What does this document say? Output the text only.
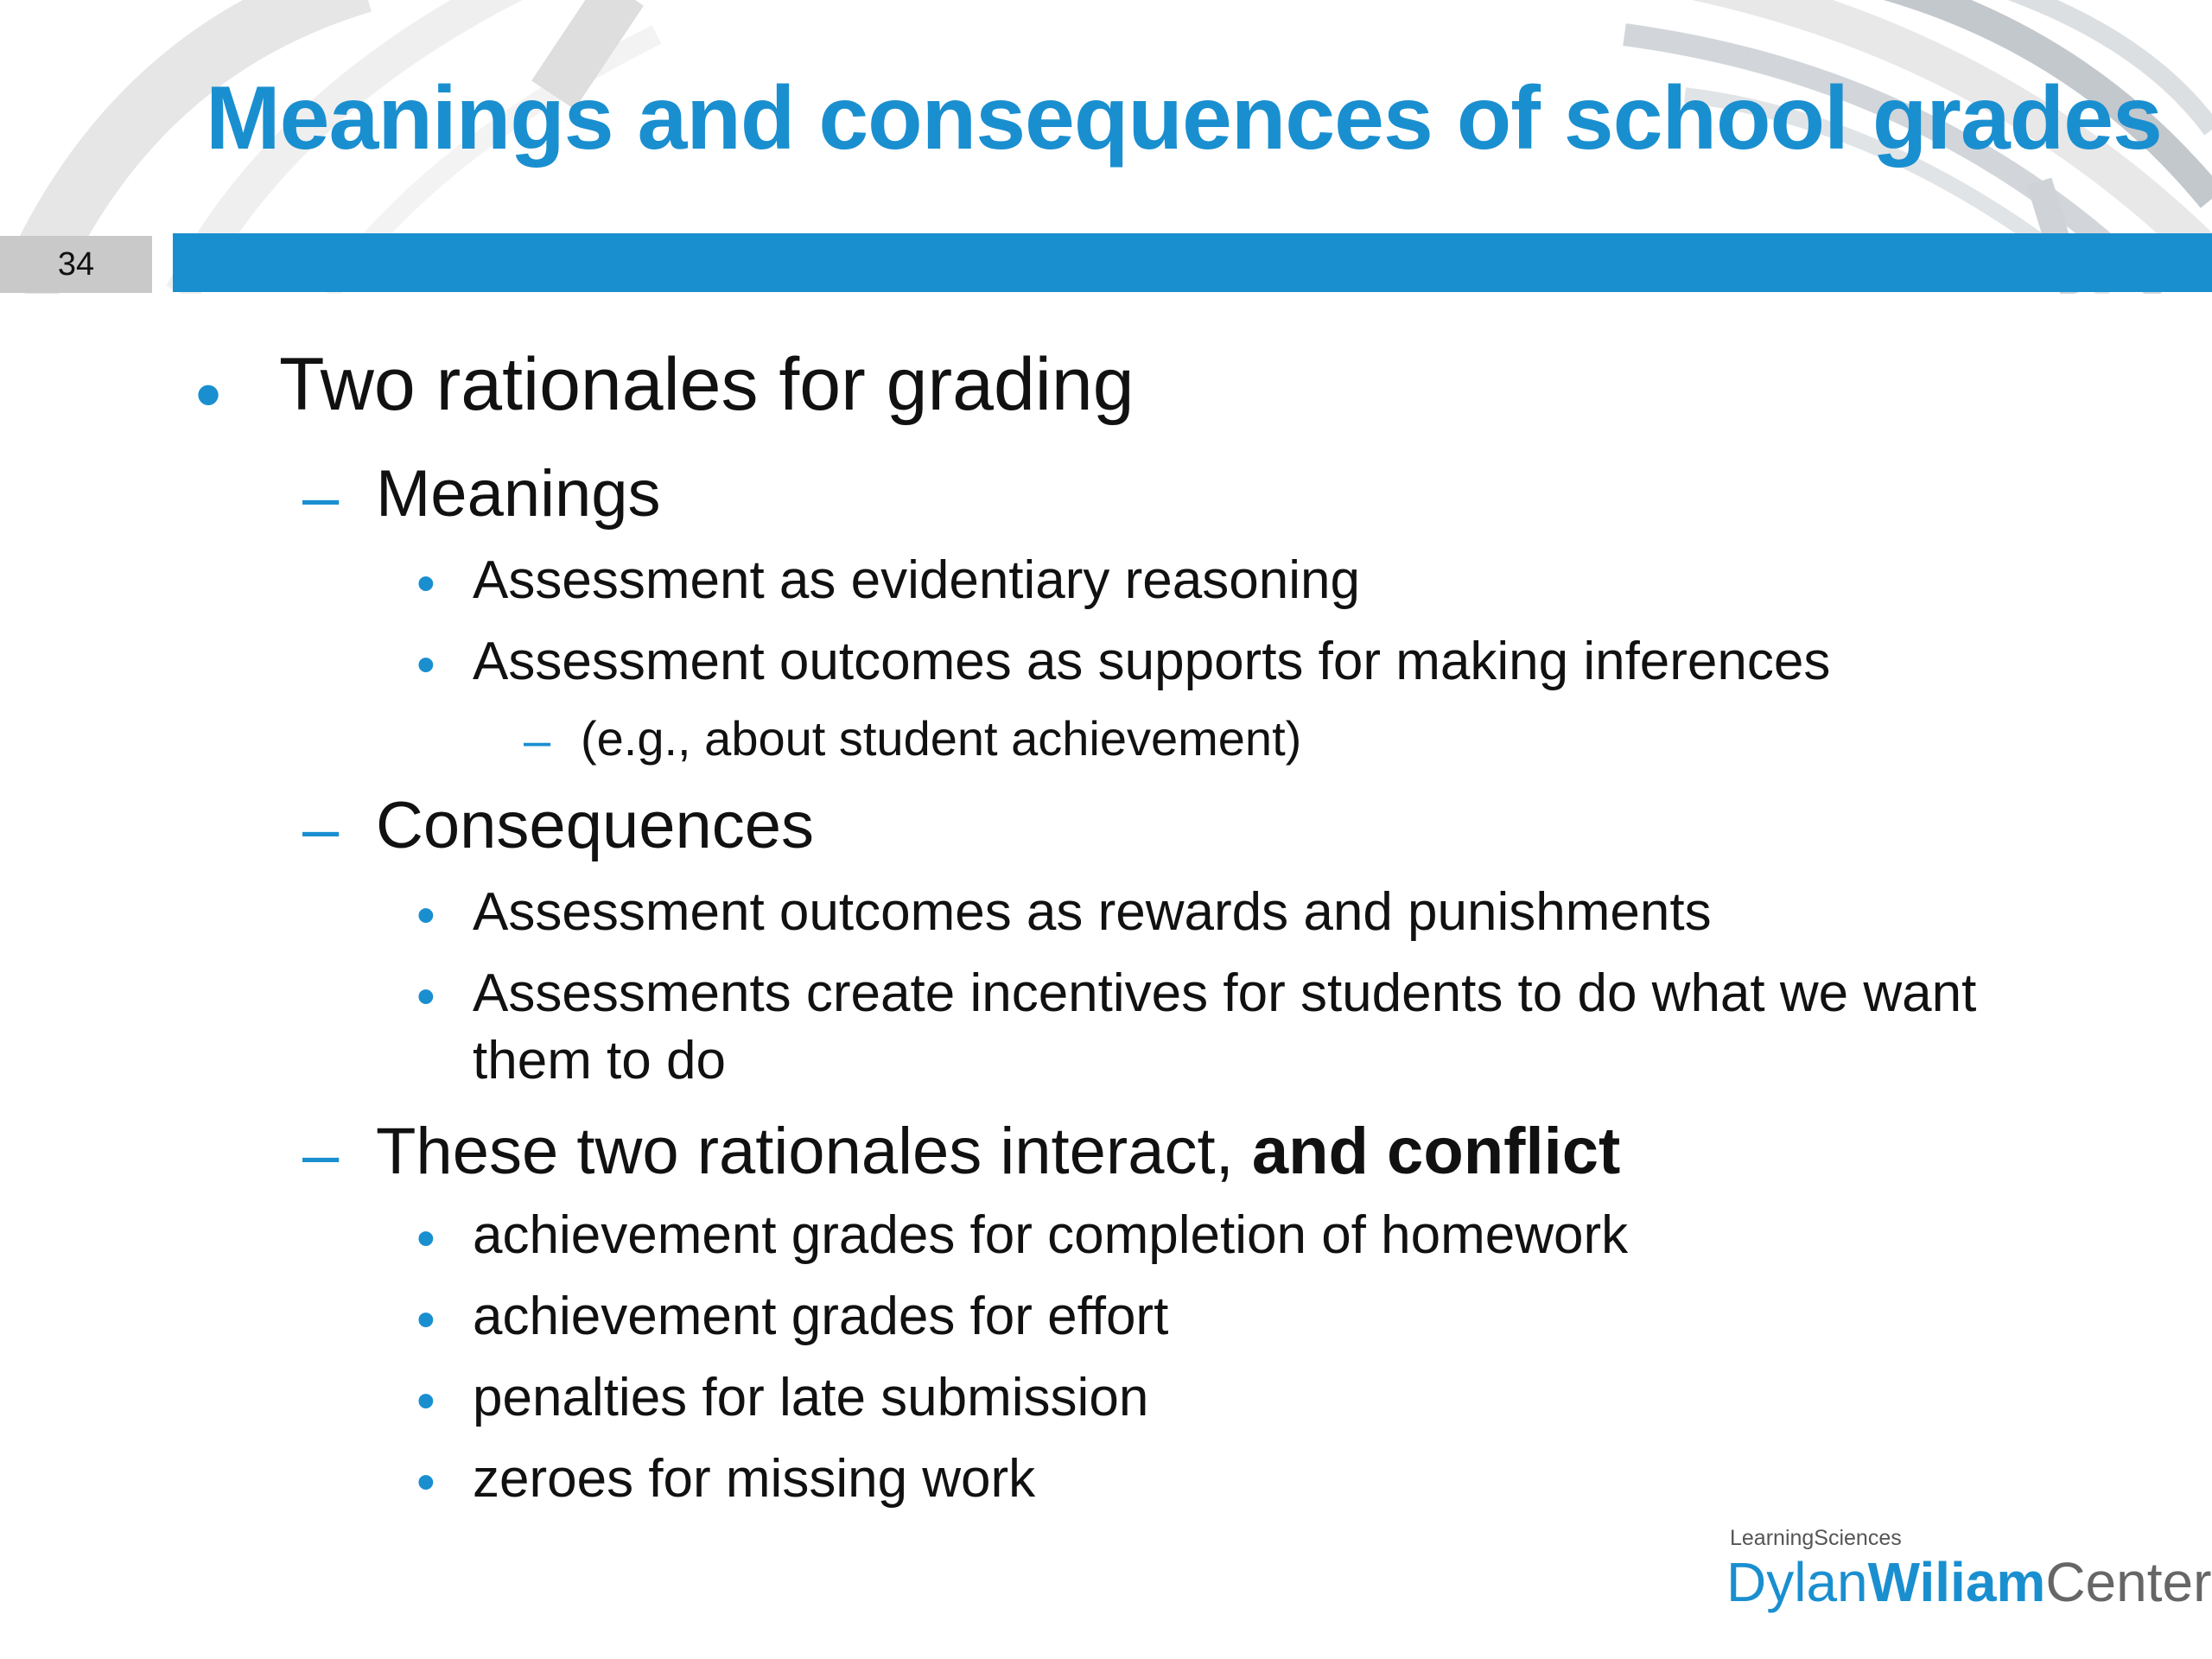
Meanings and consequences of school grades
34
• Two rationales for grading
– Meanings
• Assessment as evidentiary reasoning
• Assessment outcomes as supports for making inferences
– (e.g., about student achievement)
– Consequences
• Assessment outcomes as rewards and punishments
• Assessments create incentives for students to do what we want
them to do
– These two rationales interact, and conflict
• achievement grades for completion of homework
• achievement grades for effort
• penalties for late submission
• zeroes for missing work
LearningSciences
DylanWiliamCenter
